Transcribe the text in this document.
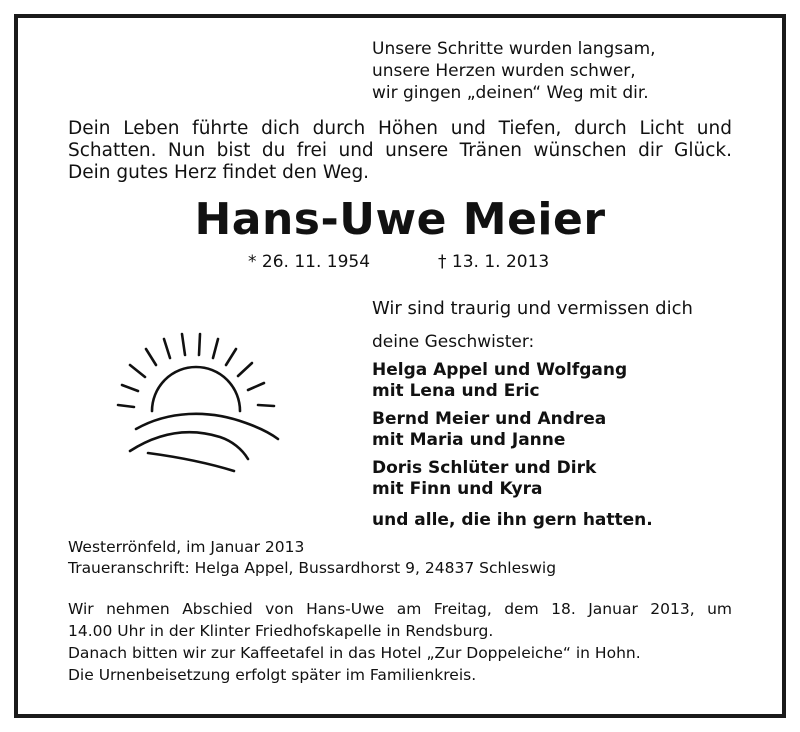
Unsere Schritte wurden langsam,
unsere Herzen wurden schwer,
wir gingen „deinen“ Weg mit dir.
Dein Leben führte dich durch Höhen und Tiefen, durch Licht und
Schatten. Nun bist du frei und unsere Tränen wünschen dir Glück.
Dein gutes Herz findet den Weg.
Hans-Uwe Meier
* 26. 11. 1954	† 13. 1. 2013
Wir sind traurig und vermissen dich
deine Geschwister:
Helga Appel und Wolfgang
mit Lena und Eric
Bernd Meier und Andrea
mit Maria und Janne
Doris Schlüter und Dirk
mit Finn und Kyra
und alle, die ihn gern hatten.
Westerrönfeld, im Januar 2013
Traueranschrift: Helga Appel, Bussardhorst 9, 24837 Schleswig
Wir nehmen Abschied von Hans-Uwe am Freitag, dem 18. Januar 2013, um
14.00 Uhr in der Klinter Friedhofskapelle in Rendsburg.
Danach bitten wir zur Kaffeetafel in das Hotel „Zur Doppeleiche“ in Hohn.
Die Urnenbeisetzung erfolgt später im Familienkreis.
